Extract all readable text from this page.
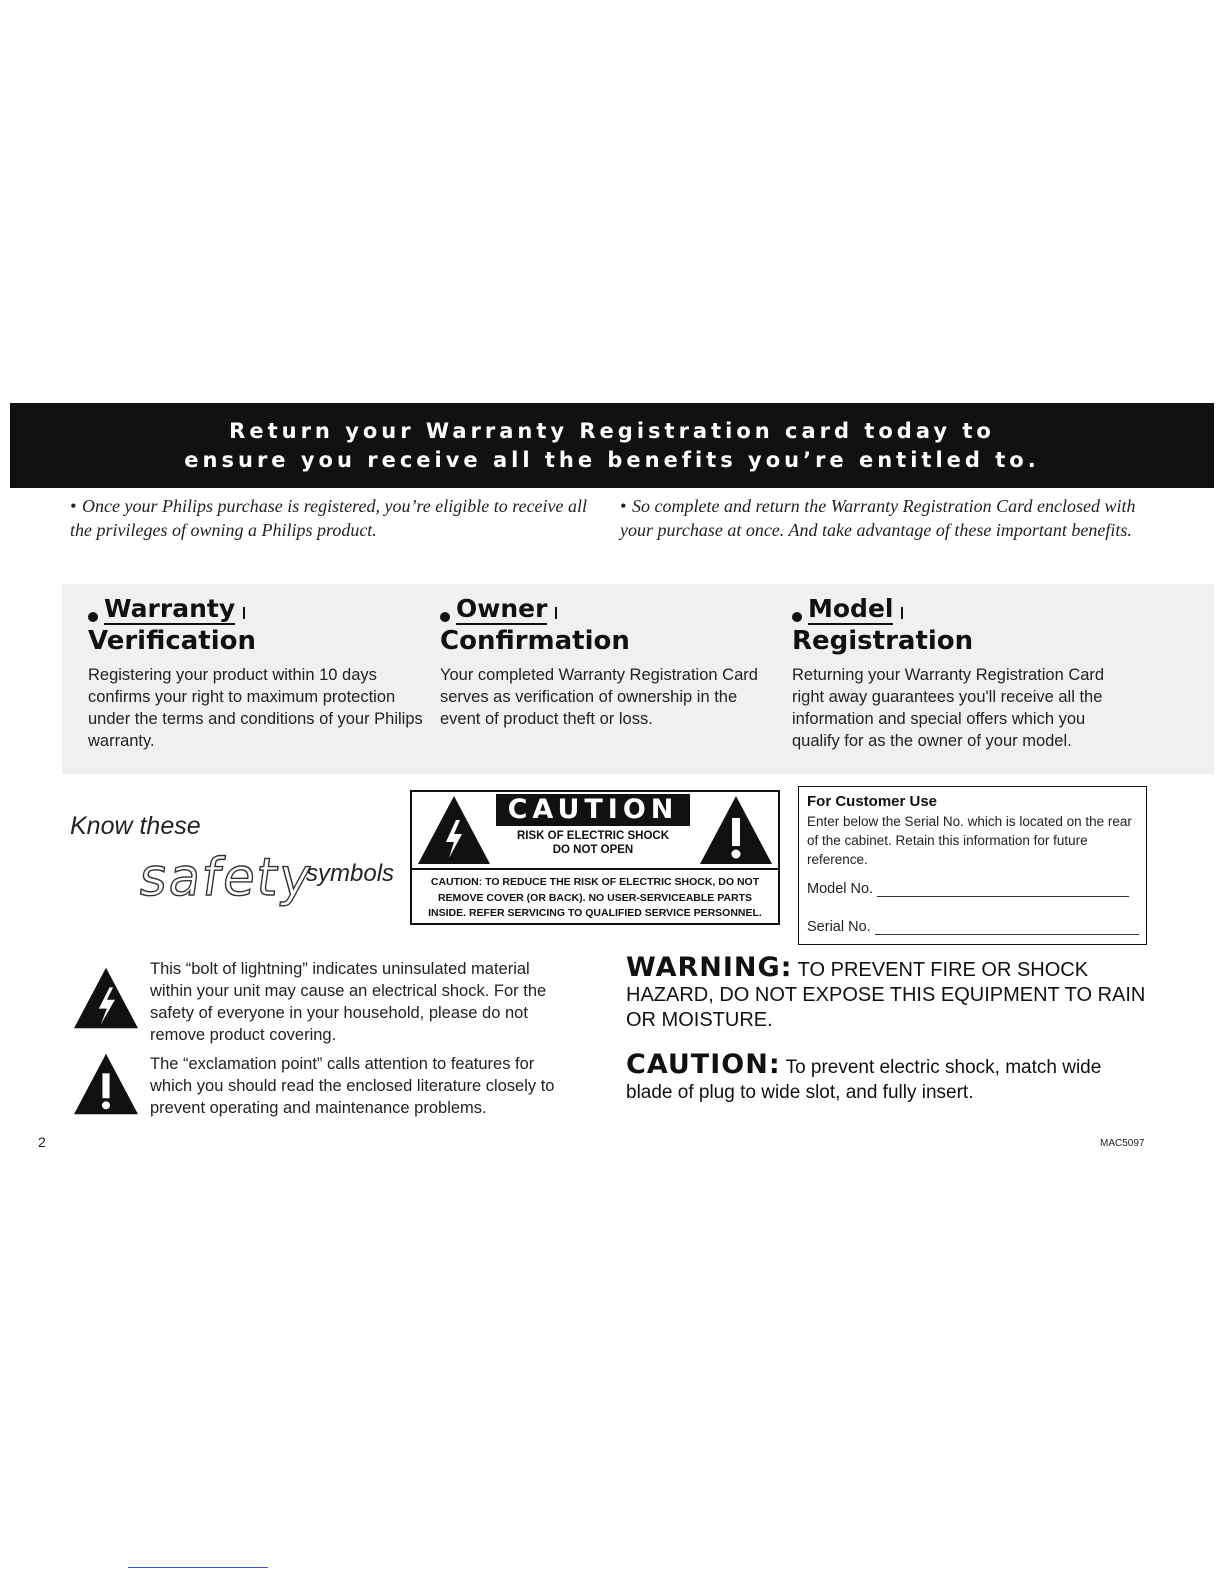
Return your Warranty Registration card today to
ensure you receive all the benefits you’re entitled to.
• Once your Philips purchase is registered, you’re eligible to receive all the privileges of owning a Philips product.
• So complete and return the Warranty Registration Card enclosed with your purchase at once. And take advantage of these important benefits.
Warranty
Verification
Registering your product within 10 days confirms your right to maximum protection under the terms and conditions of your Philips warranty.
Owner
Confirmation
Your completed Warranty Registration Card serves as verification of ownership in the event of product theft or loss.
Model
Registration
Returning your Warranty Registration Card right away guarantees you'll receive all the information and special offers which you qualify for as the owner of your model.
Know these
safety
symbols
CAUTION
RISK OF ELECTRIC SHOCK
DO NOT OPEN
CAUTION: TO REDUCE THE RISK OF ELECTRIC SHOCK, DO NOT
REMOVE COVER (OR BACK). NO USER-SERVICEABLE PARTS
INSIDE. REFER SERVICING TO QUALIFIED SERVICE PERSONNEL.
For Customer Use
Enter below the Serial No. which is located on the rear of the cabinet. Retain this information for future reference.
Model No.
Serial No.
This “bolt of lightning” indicates uninsulated material within your unit may cause an electrical shock. For the safety of everyone in your household, please do not remove product covering.
The “exclamation point” calls attention to features for which you should read the enclosed literature closely to prevent operating and maintenance problems.
WARNING: TO PREVENT FIRE OR SHOCK HAZARD, DO NOT EXPOSE THIS EQUIPMENT TO RAIN OR MOISTURE.
CAUTION: To prevent electric shock, match wide blade of plug to wide slot, and fully insert.
2	MAC5097
